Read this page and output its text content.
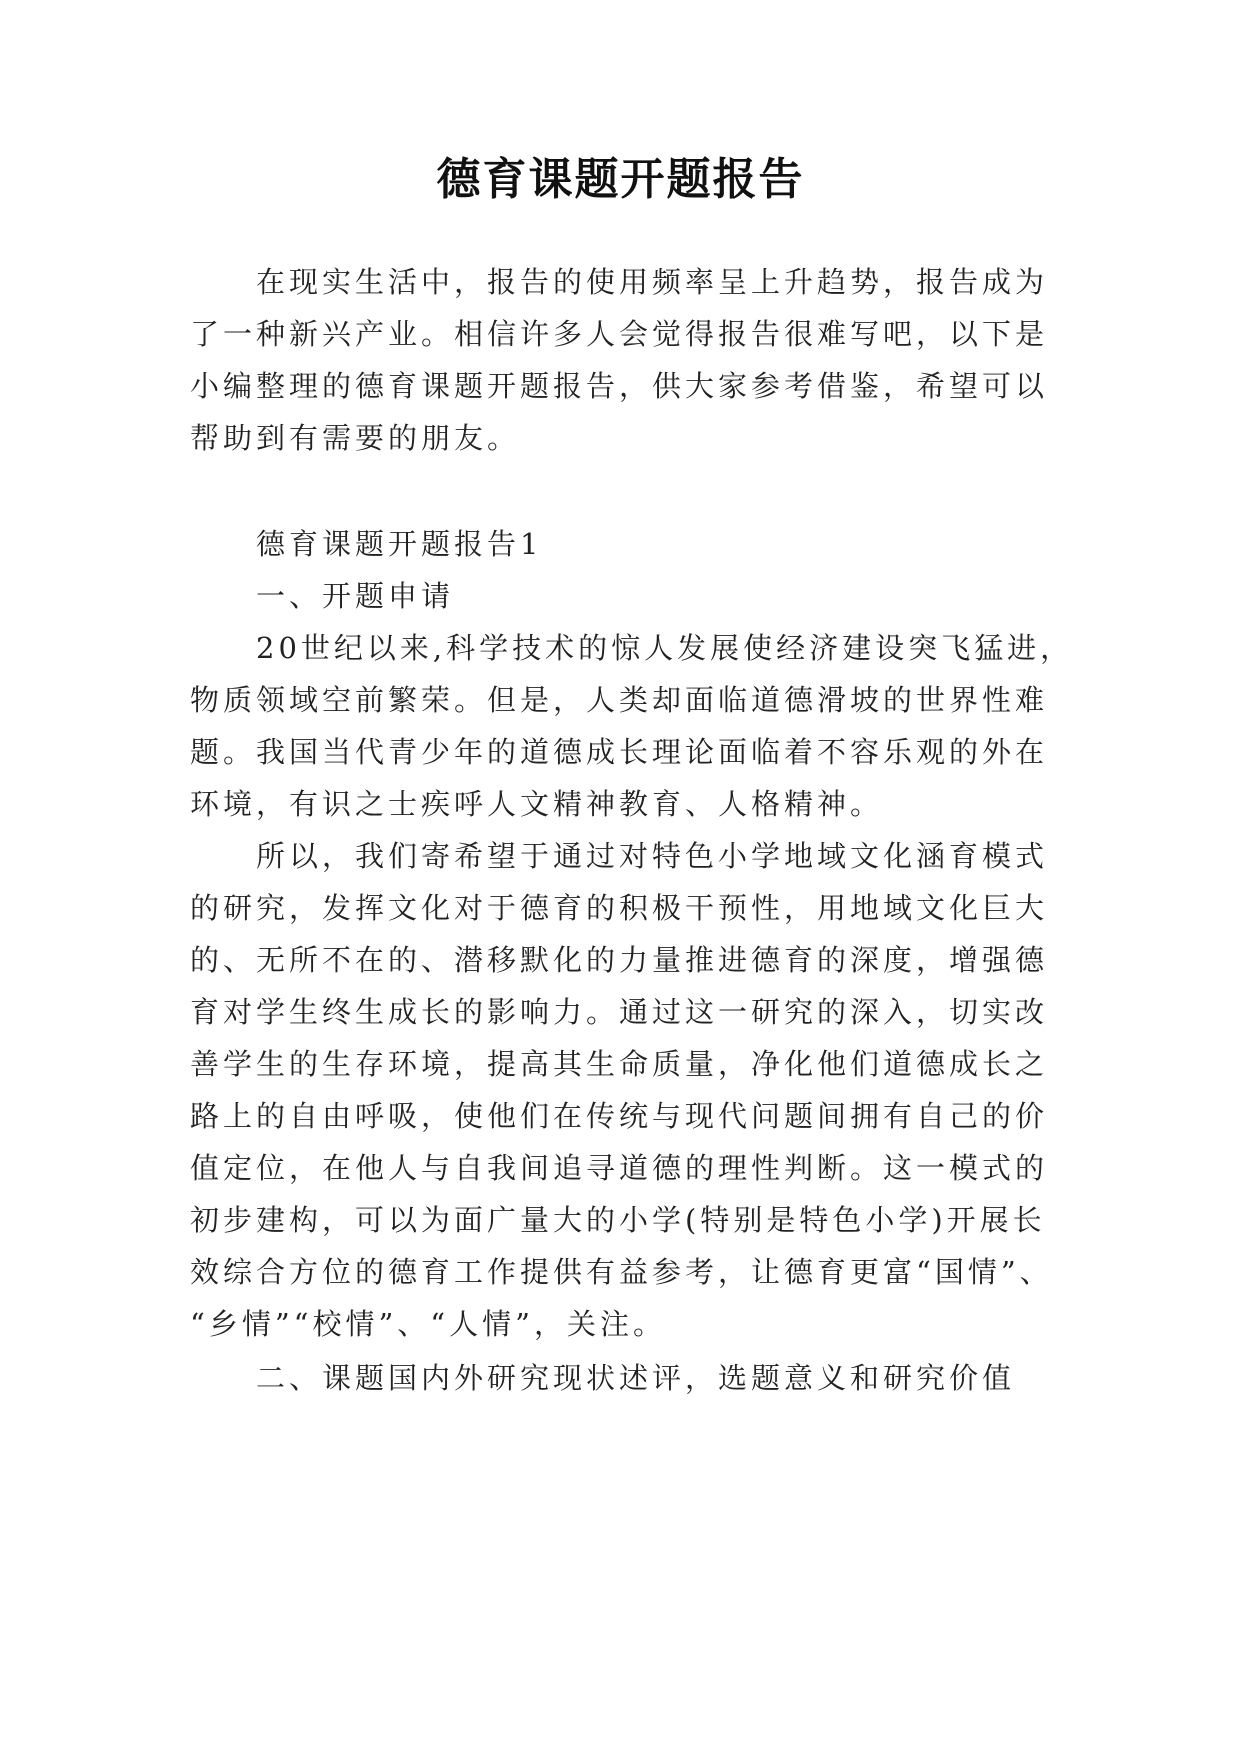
德育课题开题报告
在现实生活中，报告的使用频率呈上升趋势，报告成为
了一种新兴产业。相信许多人会觉得报告很难写吧，以下是
小编整理的德育课题开题报告，供大家参考借鉴，希望可以
帮助到有需要的朋友。
德育课题开题报告1
一、开题申请
20世纪以来,科学技术的惊人发展使经济建设突飞猛进，
物质领域空前繁荣。但是，人类却面临道德滑坡的世界性难
题。我国当代青少年的道德成长理论面临着不容乐观的外在
环境，有识之士疾呼人文精神教育、人格精神。
所以，我们寄希望于通过对特色小学地域文化涵育模式
的研究，发挥文化对于德育的积极干预性，用地域文化巨大
的、无所不在的、潜移默化的力量推进德育的深度，增强德
育对学生终生成长的影响力。通过这一研究的深入，切实改
善学生的生存环境，提高其生命质量，净化他们道德成长之
路上的自由呼吸，使他们在传统与现代问题间拥有自己的价
值定位，在他人与自我间追寻道德的理性判断。这一模式的
初步建构，可以为面广量大的小学(特别是特色小学)开展长
效综合方位的德育工作提供有益参考，让德育更富“国情”、
“乡情”“校情”、“人情”，关注。
二、课题国内外研究现状述评，选题意义和研究价值
